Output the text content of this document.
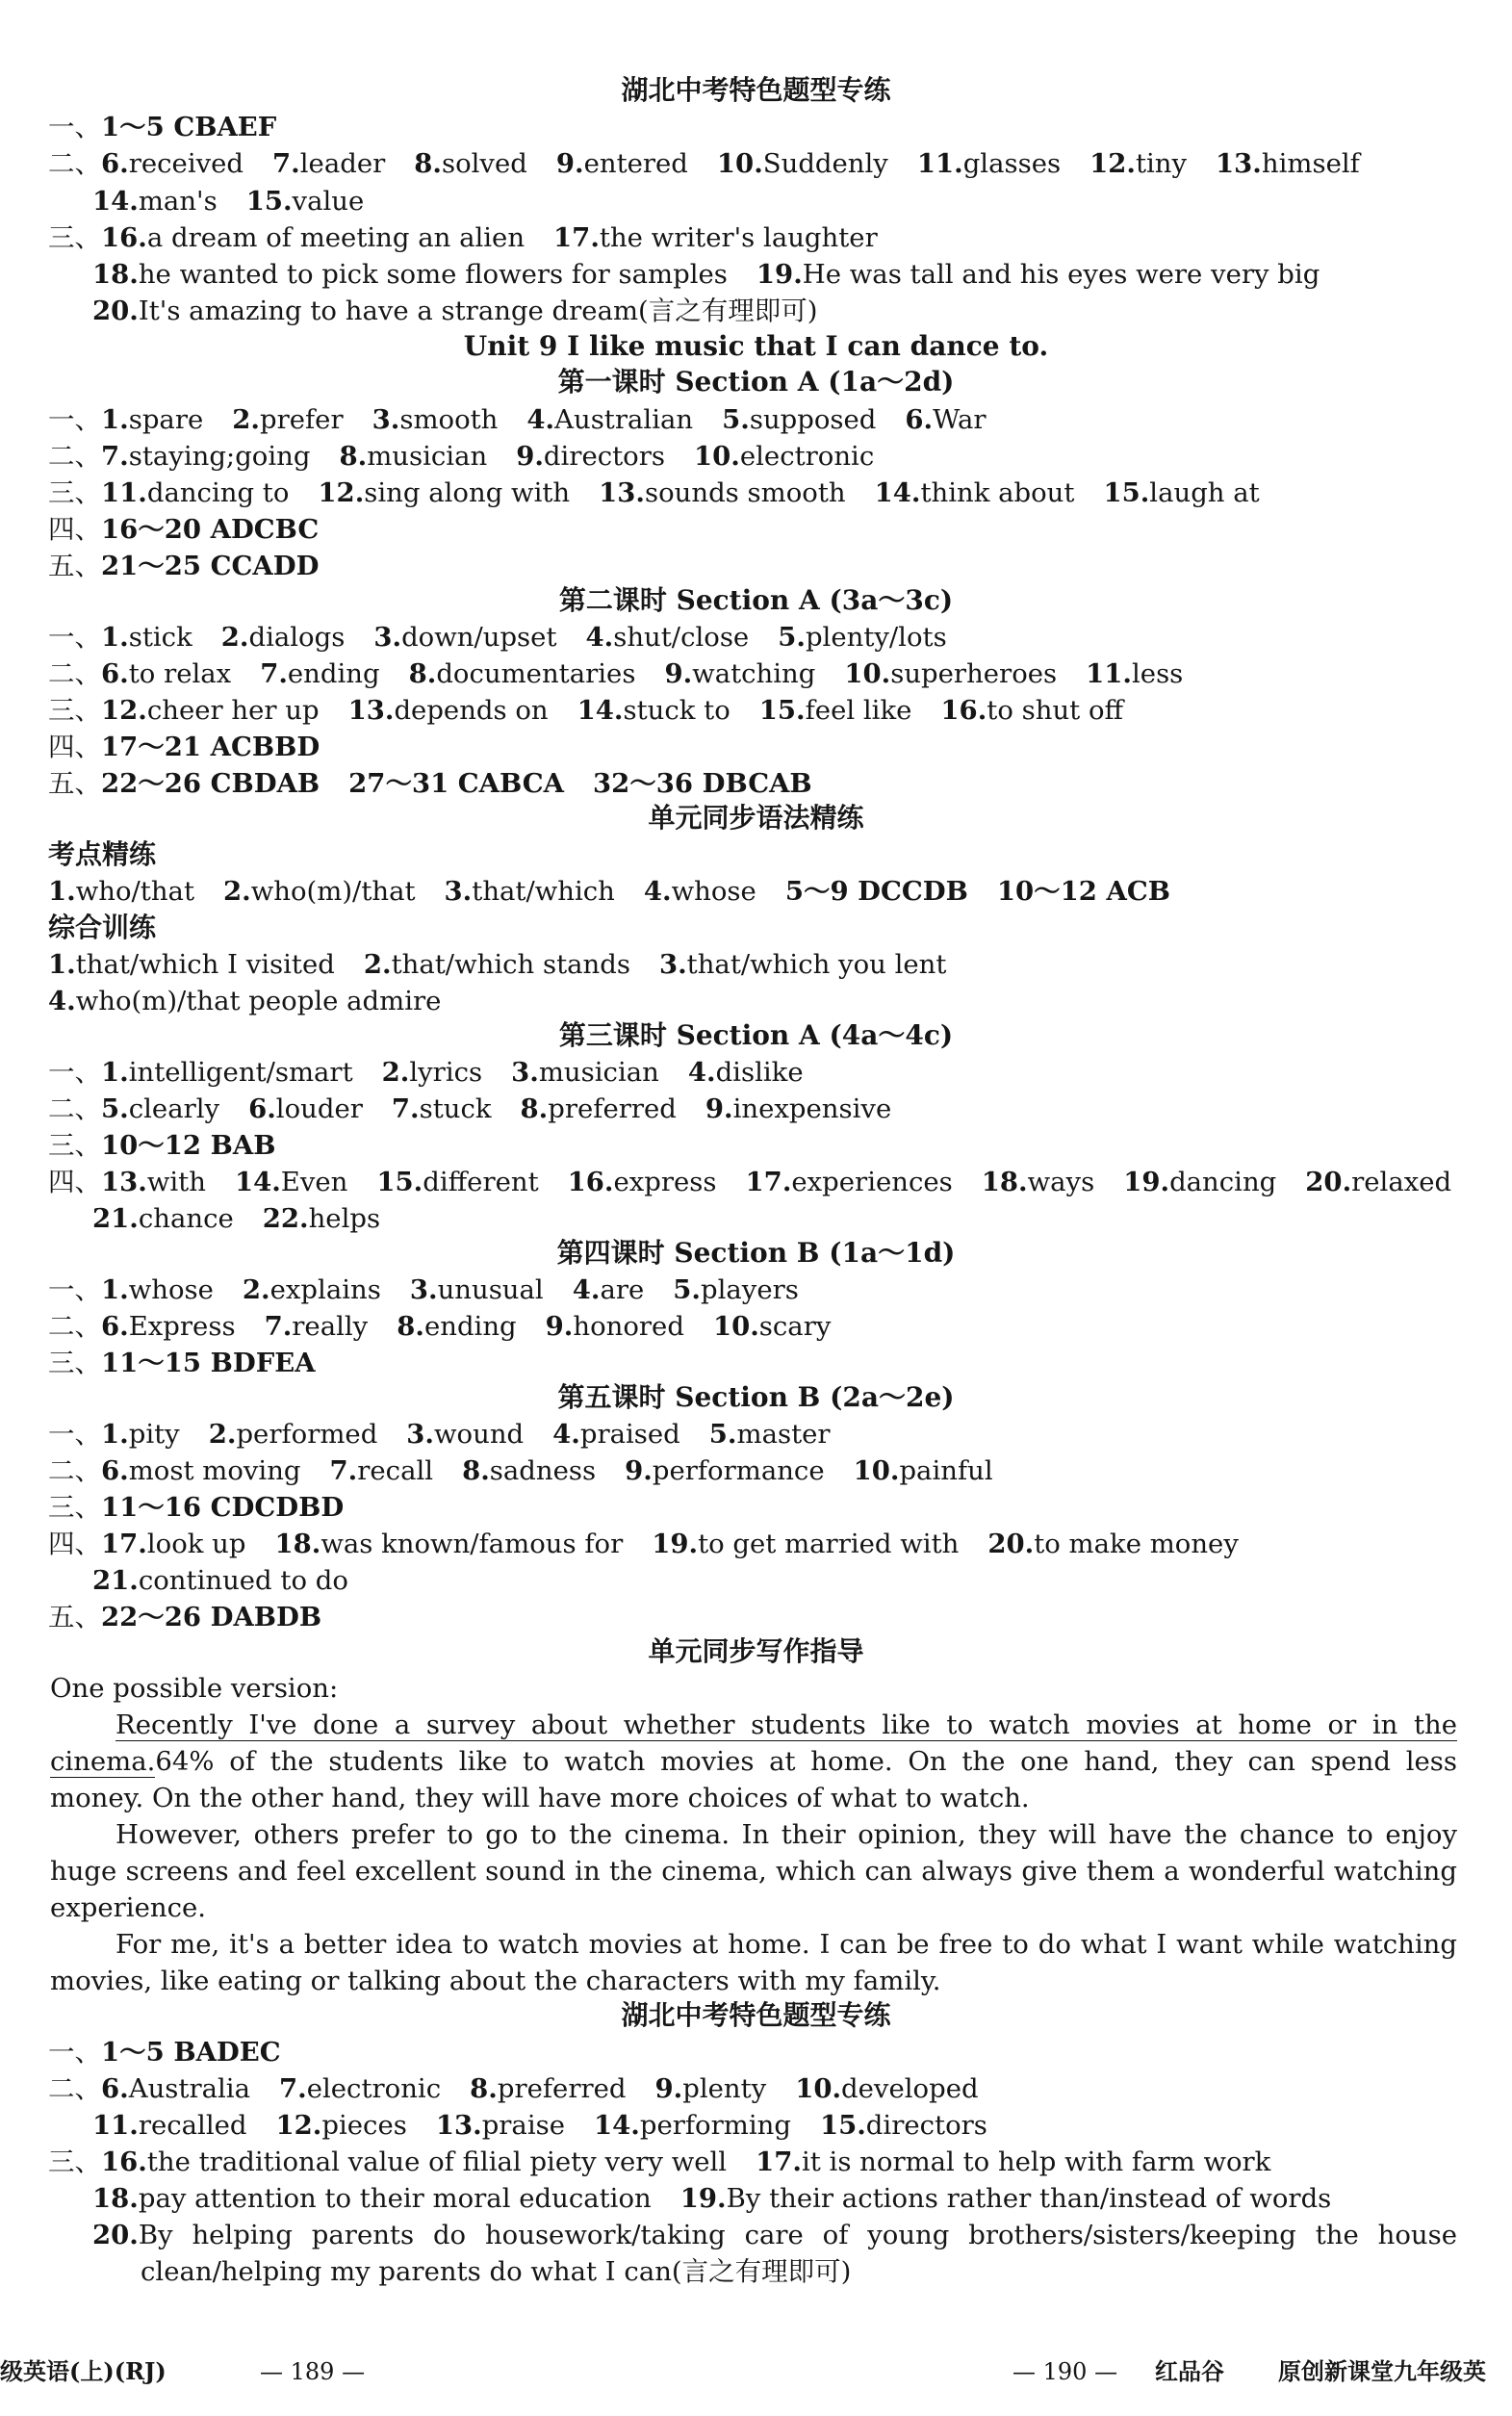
湖北中考特色题型专练
一、1～5 CBAEF
二、6.received 7.leader 8.solved 9.entered 10.Suddenly 11.glasses 12.tiny 13.himself
14.man's 15.value
三、16.a dream of meeting an alien 17.the writer's laughter
18.he wanted to pick some flowers for samples 19.He was tall and his eyes were very big
20.It's amazing to have a strange dream(言之有理即可)
Unit 9 I like music that I can dance to.
第一课时 Section A (1a～2d)
一、1.spare 2.prefer 3.smooth 4.Australian 5.supposed 6.War
二、7.staying;going 8.musician 9.directors 10.electronic
三、11.dancing to 12.sing along with 13.sounds smooth 14.think about 15.laugh at
四、16～20 ADCBC
五、21～25 CCADD
第二课时 Section A (3a～3c)
一、1.stick 2.dialogs 3.down/upset 4.shut/close 5.plenty/lots
二、6.to relax 7.ending 8.documentaries 9.watching 10.superheroes 11.less
三、12.cheer her up 13.depends on 14.stuck to 15.feel like 16.to shut off
四、17～21 ACBBD
五、22～26 CBDAB 27～31 CABCA 32～36 DBCAB
单元同步语法精练
考点精练
1.who/that 2.who(m)/that 3.that/which 4.whose 5～9 DCCDB 10～12 ACB
综合训练
1.that/which I visited 2.that/which stands 3.that/which you lent
4.who(m)/that people admire
第三课时 Section A (4a～4c)
一、1.intelligent/smart 2.lyrics 3.musician 4.dislike
二、5.clearly 6.louder 7.stuck 8.preferred 9.inexpensive
三、10～12 BAB
四、13.with 14.Even 15.different 16.express 17.experiences 18.ways 19.dancing 20.relaxed
21.chance 22.helps
第四课时 Section B (1a～1d)
一、1.whose 2.explains 3.unusual 4.are 5.players
二、6.Express 7.really 8.ending 9.honored 10.scary
三、11～15 BDFEA
第五课时 Section B (2a～2e)
一、1.pity 2.performed 3.wound 4.praised 5.master
二、6.most moving 7.recall 8.sadness 9.performance 10.painful
三、11～16 CDCDBD
四、17.look up 18.was known/famous for 19.to get married with 20.to make money
21.continued to do
五、22～26 DABDB
单元同步写作指导
One possible version:
Recently I've done a survey about whether students like to watch movies at home or in the
cinema.64% of the students like to watch movies at home. On the one hand, they can spend less
money. On the other hand, they will have more choices of what to watch.
However, others prefer to go to the cinema. In their opinion, they will have the chance to enjoy
huge screens and feel excellent sound in the cinema, which can always give them a wonderful watching
experience.
For me, it's a better idea to watch movies at home. I can be free to do what I want while watching
movies, like eating or talking about the characters with my family.
湖北中考特色题型专练
一、1～5 BADEC
二、6.Australia 7.electronic 8.preferred 9.plenty 10.developed
11.recalled 12.pieces 13.praise 14.performing 15.directors
三、16.the traditional value of filial piety very well 17.it is normal to help with farm work
18.pay attention to their moral education 19.By their actions rather than/instead of words
20. By helping parents do housework/taking care of young brothers/sisters/keeping the house
clean/helping my parents do what I can(言之有理即可)
级英语(上)(RJ)	— 189 —	— 190 — 红品谷 原创新课堂九年级英
